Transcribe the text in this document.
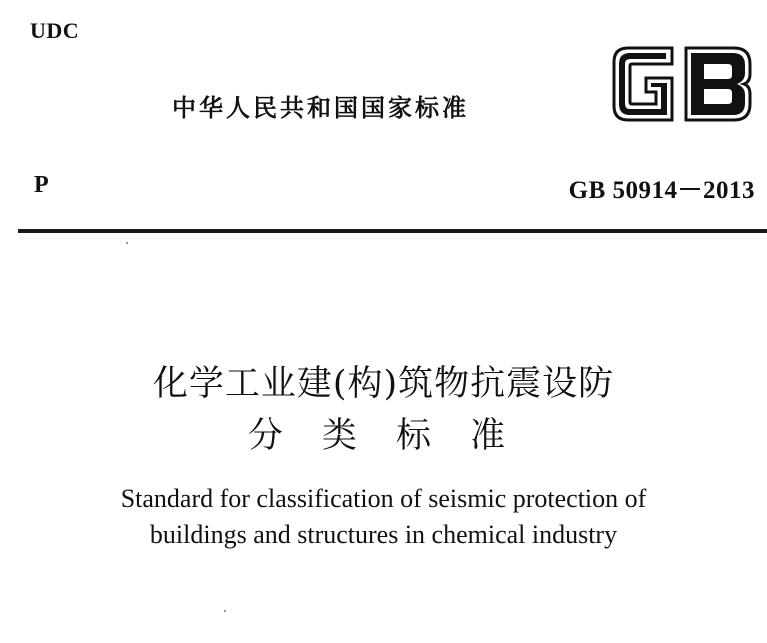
UDC
中华人民共和国国家标准
P	GB 50914－2013
化学工业建(构)筑物抗震设防
分 类 标 准
Standard for classification of seismic protection of
buildings and structures in chemical industry
